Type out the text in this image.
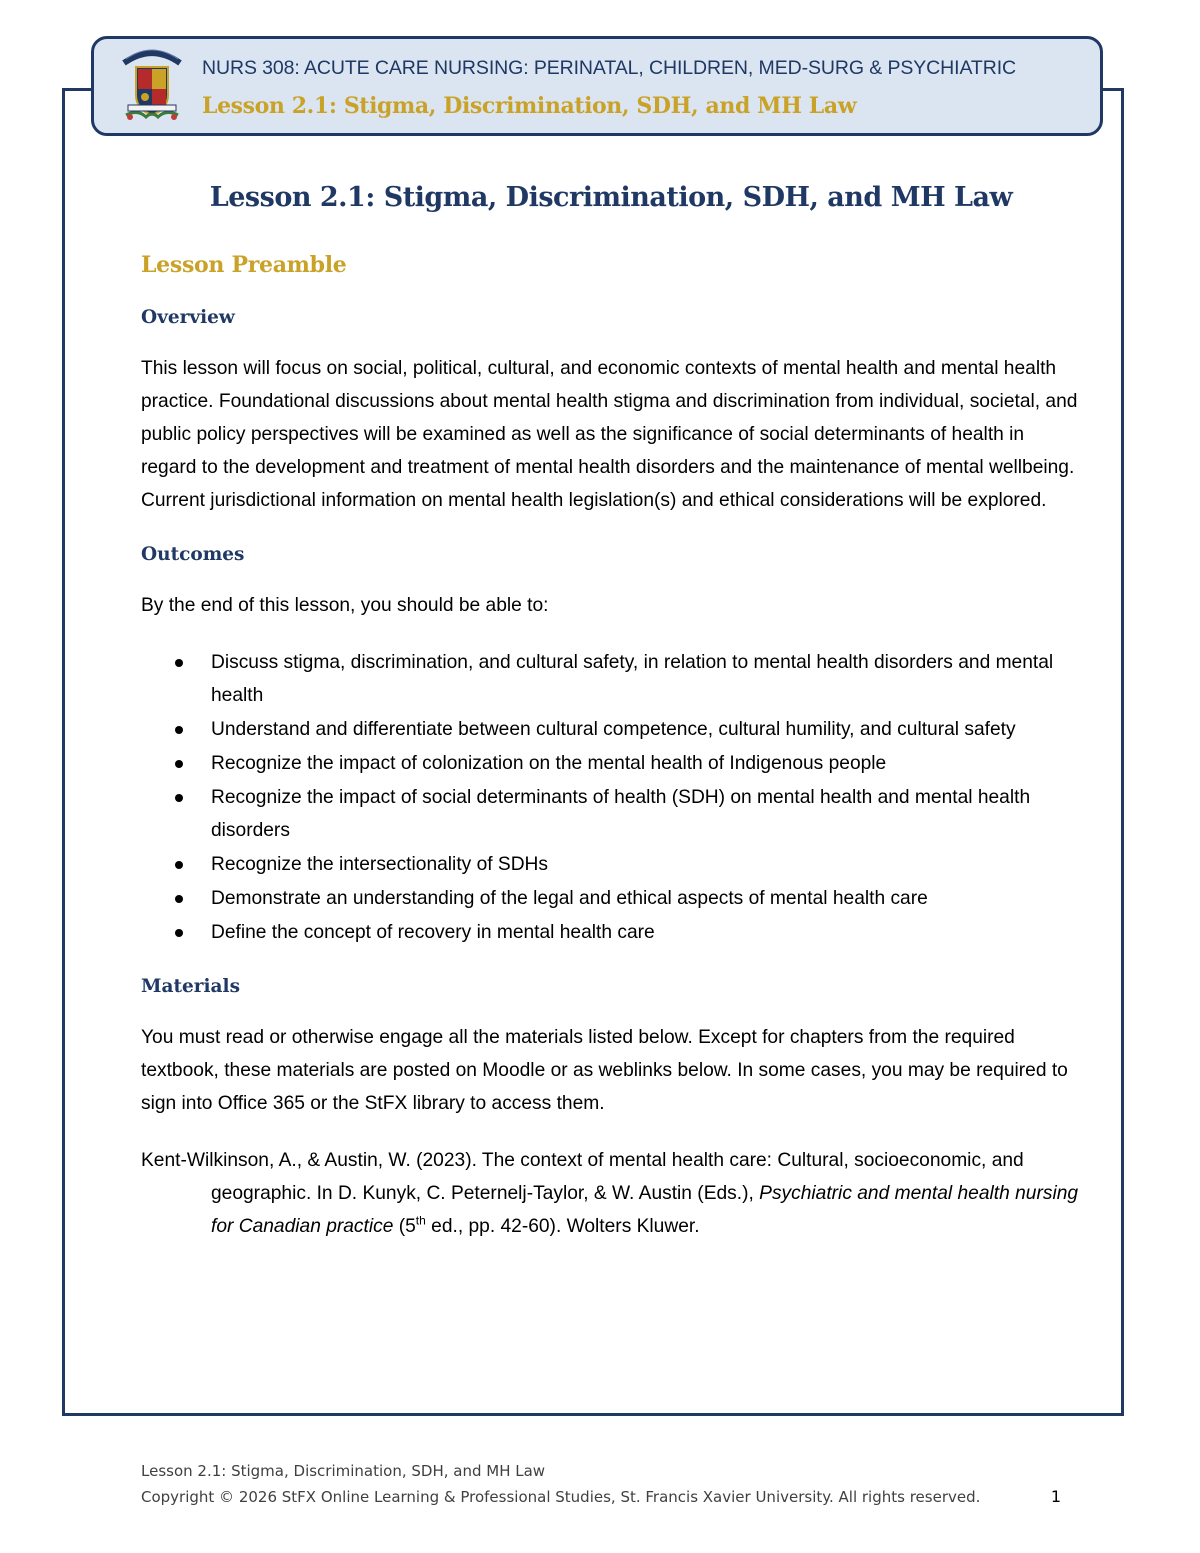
NURS 308: ACUTE CARE NURSING: PERINATAL, CHILDREN, MED-SURG & PSYCHIATRIC
Lesson 2.1: Stigma, Discrimination, SDH, and MH Law
Lesson 2.1: Stigma, Discrimination, SDH, and MH Law
Lesson Preamble
Overview

This lesson will focus on social, political, cultural, and economic contexts of mental health and mental health practice. Foundational discussions about mental health stigma and discrimination from individual, societal, and public policy perspectives will be examined as well as the significance of social determinants of health in regard to the development and treatment of mental health disorders and the maintenance of mental wellbeing. Current jurisdictional information on mental health legislation(s) and ethical considerations will be explored.

Outcomes

By the end of this lesson, you should be able to:

Discuss stigma, discrimination, and cultural safety, in relation to mental health disorders and mental health
Understand and differentiate between cultural competence, cultural humility, and cultural safety
Recognize the impact of colonization on the mental health of Indigenous people
Recognize the impact of social determinants of health (SDH) on mental health and mental health disorders
Recognize the intersectionality of SDHs
Demonstrate an understanding of the legal and ethical aspects of mental health care
Define the concept of recovery in mental health care
Materials

You must read or otherwise engage all the materials listed below. Except for chapters from the required textbook, these materials are posted on Moodle or as weblinks below. In some cases, you may be required to sign into Office 365 or the StFX library to access them.

Kent-Wilkinson, A., & Austin, W. (2023). The context of mental health care: Cultural, socioeconomic, and geographic. In D. Kunyk, C. Peternelj-Taylor, & W. Austin (Eds.), Psychiatric and mental health nursing for Canadian practice (5th ed., pp. 42-60). Wolters Kluwer.
Lesson 2.1: Stigma, Discrimination, SDH, and MH Law
Copyright © 2026 StFX Online Learning & Professional Studies, St. Francis Xavier University. All rights reserved.	1
